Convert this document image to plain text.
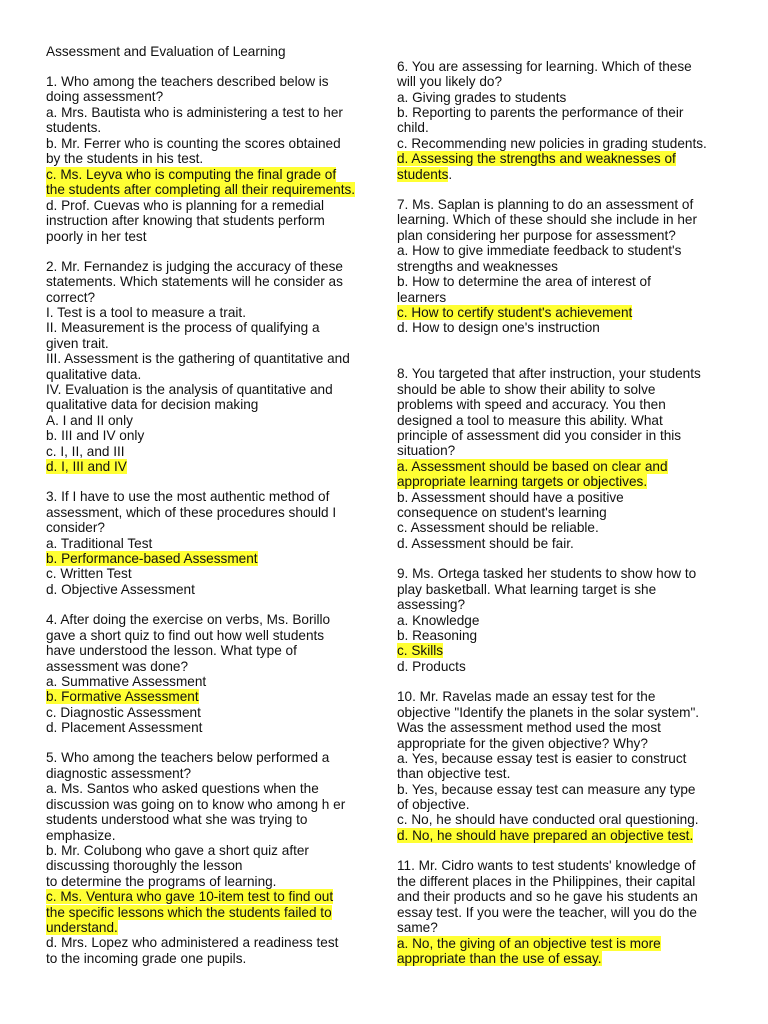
Assessment and Evaluation of Learning
1. Who among the teachers described below is
doing assessment?
a. Mrs. Bautista who is administering a test to her
students.
b. Mr. Ferrer who is counting the scores obtained
by the students in his test.
c. Ms. Leyva who is computing the final grade of
the students after completing all their requirements.
d. Prof. Cuevas who is planning for a remedial
instruction after knowing that students perform
poorly in her test
2. Mr. Fernandez is judging the accuracy of these
statements. Which statements will he consider as
correct?
I. Test is a tool to measure a trait.
II. Measurement is the process of qualifying a
given trait.
III. Assessment is the gathering of quantitative and
qualitative data.
IV. Evaluation is the analysis of quantitative and
qualitative data for decision making
A. I and II only
b. III and IV only
c. I, II, and III
d. I, III and IV
3. If I have to use the most authentic method of
assessment, which of these procedures should I
consider?
a. Traditional Test
b. Performance-based Assessment
c. Written Test
d. Objective Assessment
4. After doing the exercise on verbs, Ms. Borillo
gave a short quiz to find out how well students
have understood the lesson. What type of
assessment was done?
a. Summative Assessment
b. Formative Assessment
c. Diagnostic Assessment
d. Placement Assessment
5. Who among the teachers below performed a
diagnostic assessment?
a. Ms. Santos who asked questions when the
discussion was going on to know who among h er
students understood what she was trying to
emphasize.
b. Mr. Colubong who gave a short quiz after
discussing thoroughly the lesson
to determine the programs of learning.
c. Ms. Ventura who gave 10-item test to find out
the specific lessons which the students failed to
understand.
d. Mrs. Lopez who administered a readiness test
to the incoming grade one pupils.
6. You are assessing for learning. Which of these
will you likely do?
a. Giving grades to students
b. Reporting to parents the performance of their
child.
c. Recommending new policies in grading students.
d. Assessing the strengths and weaknesses of
students.
7. Ms. Saplan is planning to do an assessment of
learning. Which of these should she include in her
plan considering her purpose for assessment?
a. How to give immediate feedback to student's
strengths and weaknesses
b. How to determine the area of interest of
learners
c. How to certify student's achievement
d. How to design one's instruction
8. You targeted that after instruction, your students
should be able to show their ability to solve
problems with speed and accuracy. You then
designed a tool to measure this ability. What
principle of assessment did you consider in this
situation?
a. Assessment should be based on clear and
appropriate learning targets or objectives.
b. Assessment should have a positive
consequence on student's learning
c. Assessment should be reliable.
d. Assessment should be fair.
9. Ms. Ortega tasked her students to show how to
play basketball. What learning target is she
assessing?
a. Knowledge
b. Reasoning
c. Skills
d. Products
10. Mr. Ravelas made an essay test for the
objective "Identify the planets in the solar system".
Was the assessment method used the most
appropriate for the given objective? Why?
a. Yes, because essay test is easier to construct
than objective test.
b. Yes, because essay test can measure any type
of objective.
c. No, he should have conducted oral questioning.
d. No, he should have prepared an objective test.
11. Mr. Cidro wants to test students' knowledge of
the different places in the Philippines, their capital
and their products and so he gave his students an
essay test. If you were the teacher, will you do the
same?
a. No, the giving of an objective test is more
appropriate than the use of essay.
